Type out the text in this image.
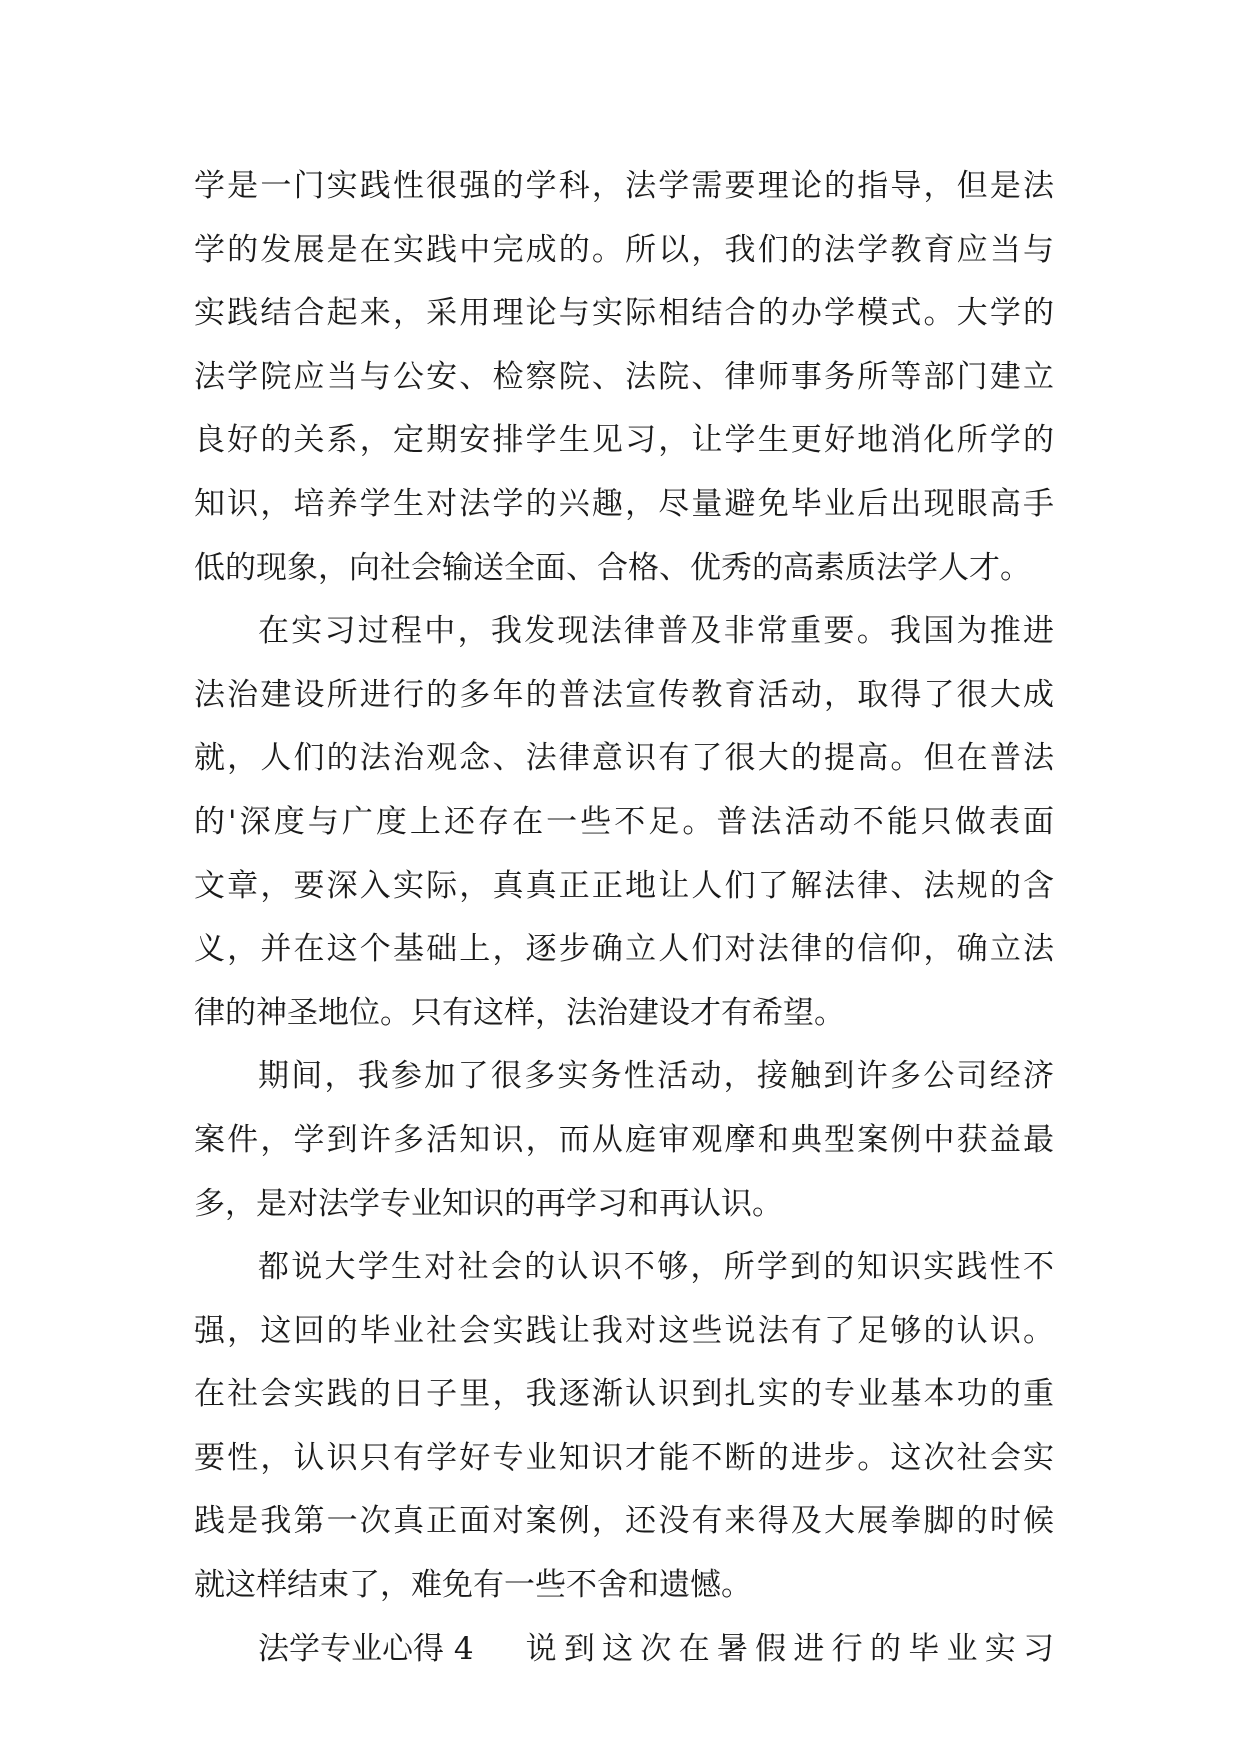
学是一门实践性很强的学科，法学需要理论的指导，但是法
学的发展是在实践中完成的。所以，我们的法学教育应当与
实践结合起来，采用理论与实际相结合的办学模式。大学的
法学院应当与公安、检察院、法院、律师事务所等部门建立
良好的关系，定期安排学生见习，让学生更好地消化所学的
知识，培养学生对法学的兴趣，尽量避免毕业后出现眼高手
低的现象，向社会输送全面、合格、优秀的高素质法学人才。
在实习过程中，我发现法律普及非常重要。我国为推进
法治建设所进行的多年的普法宣传教育活动，取得了很大成
就，人们的法治观念、法律意识有了很大的提高。但在普法
的'深度与广度上还存在一些不足。普法活动不能只做表面
文章，要深入实际，真真正正地让人们了解法律、法规的含
义，并在这个基础上，逐步确立人们对法律的信仰，确立法
律的神圣地位。只有这样，法治建设才有希望。
期间，我参加了很多实务性活动，接触到许多公司经济
案件，学到许多活知识，而从庭审观摩和典型案例中获益最
多，是对法学专业知识的再学习和再认识。
都说大学生对社会的认识不够，所学到的知识实践性不
强，这回的毕业社会实践让我对这些说法有了足够的认识。
在社会实践的日子里，我逐渐认识到扎实的专业基本功的重
要性，认识只有学好专业知识才能不断的进步。这次社会实
践是我第一次真正面对案例，还没有来得及大展拳脚的时候
就这样结束了，难免有一些不舍和遗憾。
法学专业心得 4 说到这次在暑假进行的毕业实习
